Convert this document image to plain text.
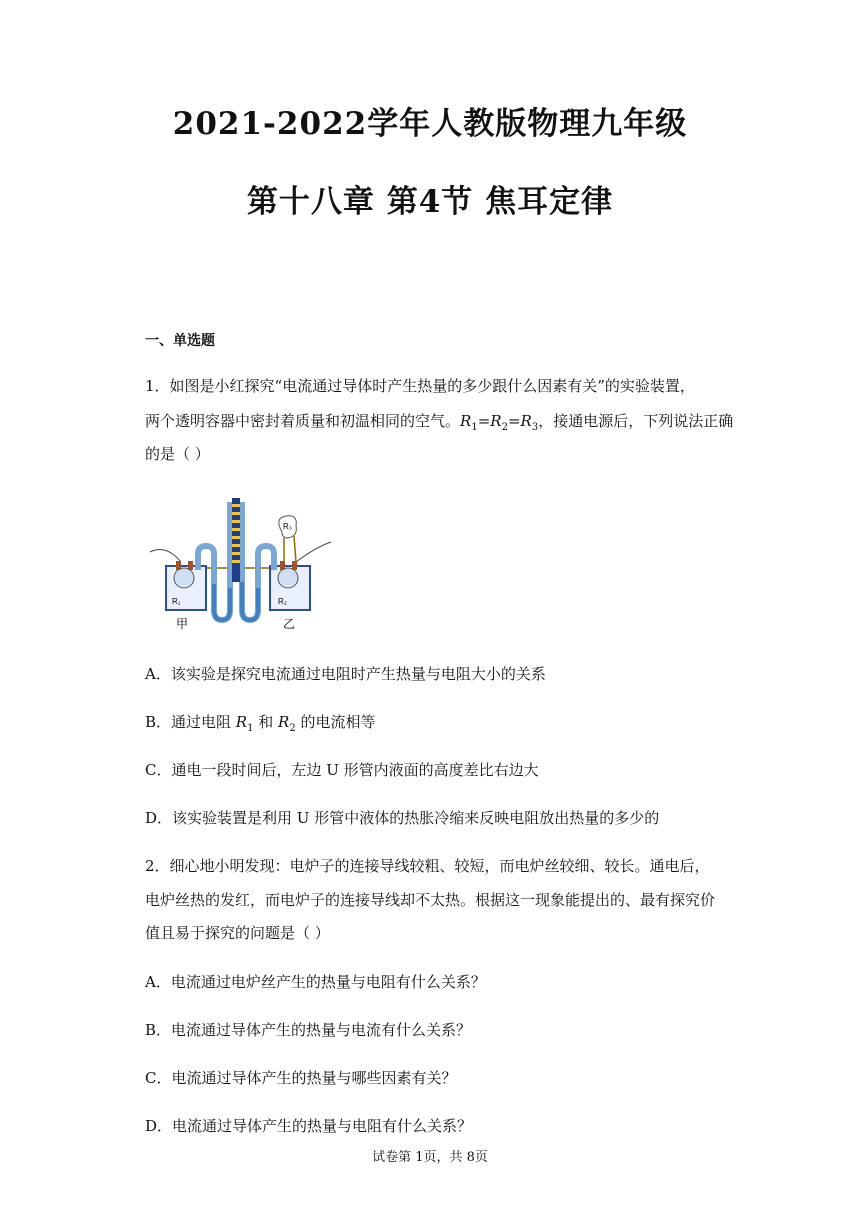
2021-2022学年人教版物理九年级
第十八章 第4节 焦耳定律
一、单选题
1．如图是小红探究“电流通过导体时产生热量的多少跟什么因素有关”的实验装置，
两个透明容器中密封着质量和初温相同的空气。$R_1=R_2=R_3$，接通电源后，下列说法正确
的是（ ）
R₃
R₁	R₂
甲	乙
A．该实验是探究电流通过电阻时产生热量与电阻大小的关系
B．通过电阻 $R_1$ 和 $R_2$ 的电流相等
C．通电一段时间后，左边 U 形管内液面的高度差比右边大
D．该实验装置是利用 U 形管中液体的热胀冷缩来反映电阻放出热量的多少的
2．细心地小明发现：电炉子的连接导线较粗、较短，而电炉丝较细、较长。通电后，
电炉丝热的发红，而电炉子的连接导线却不太热。根据这一现象能提出的、最有探究价
值且易于探究的问题是（ ）
A．电流通过电炉丝产生的热量与电阻有什么关系？
B．电流通过导体产生的热量与电流有什么关系？
C．电流通过导体产生的热量与哪些因素有关？
D．电流通过导体产生的热量与电阻有什么关系？
试卷第 1页，共 8页
